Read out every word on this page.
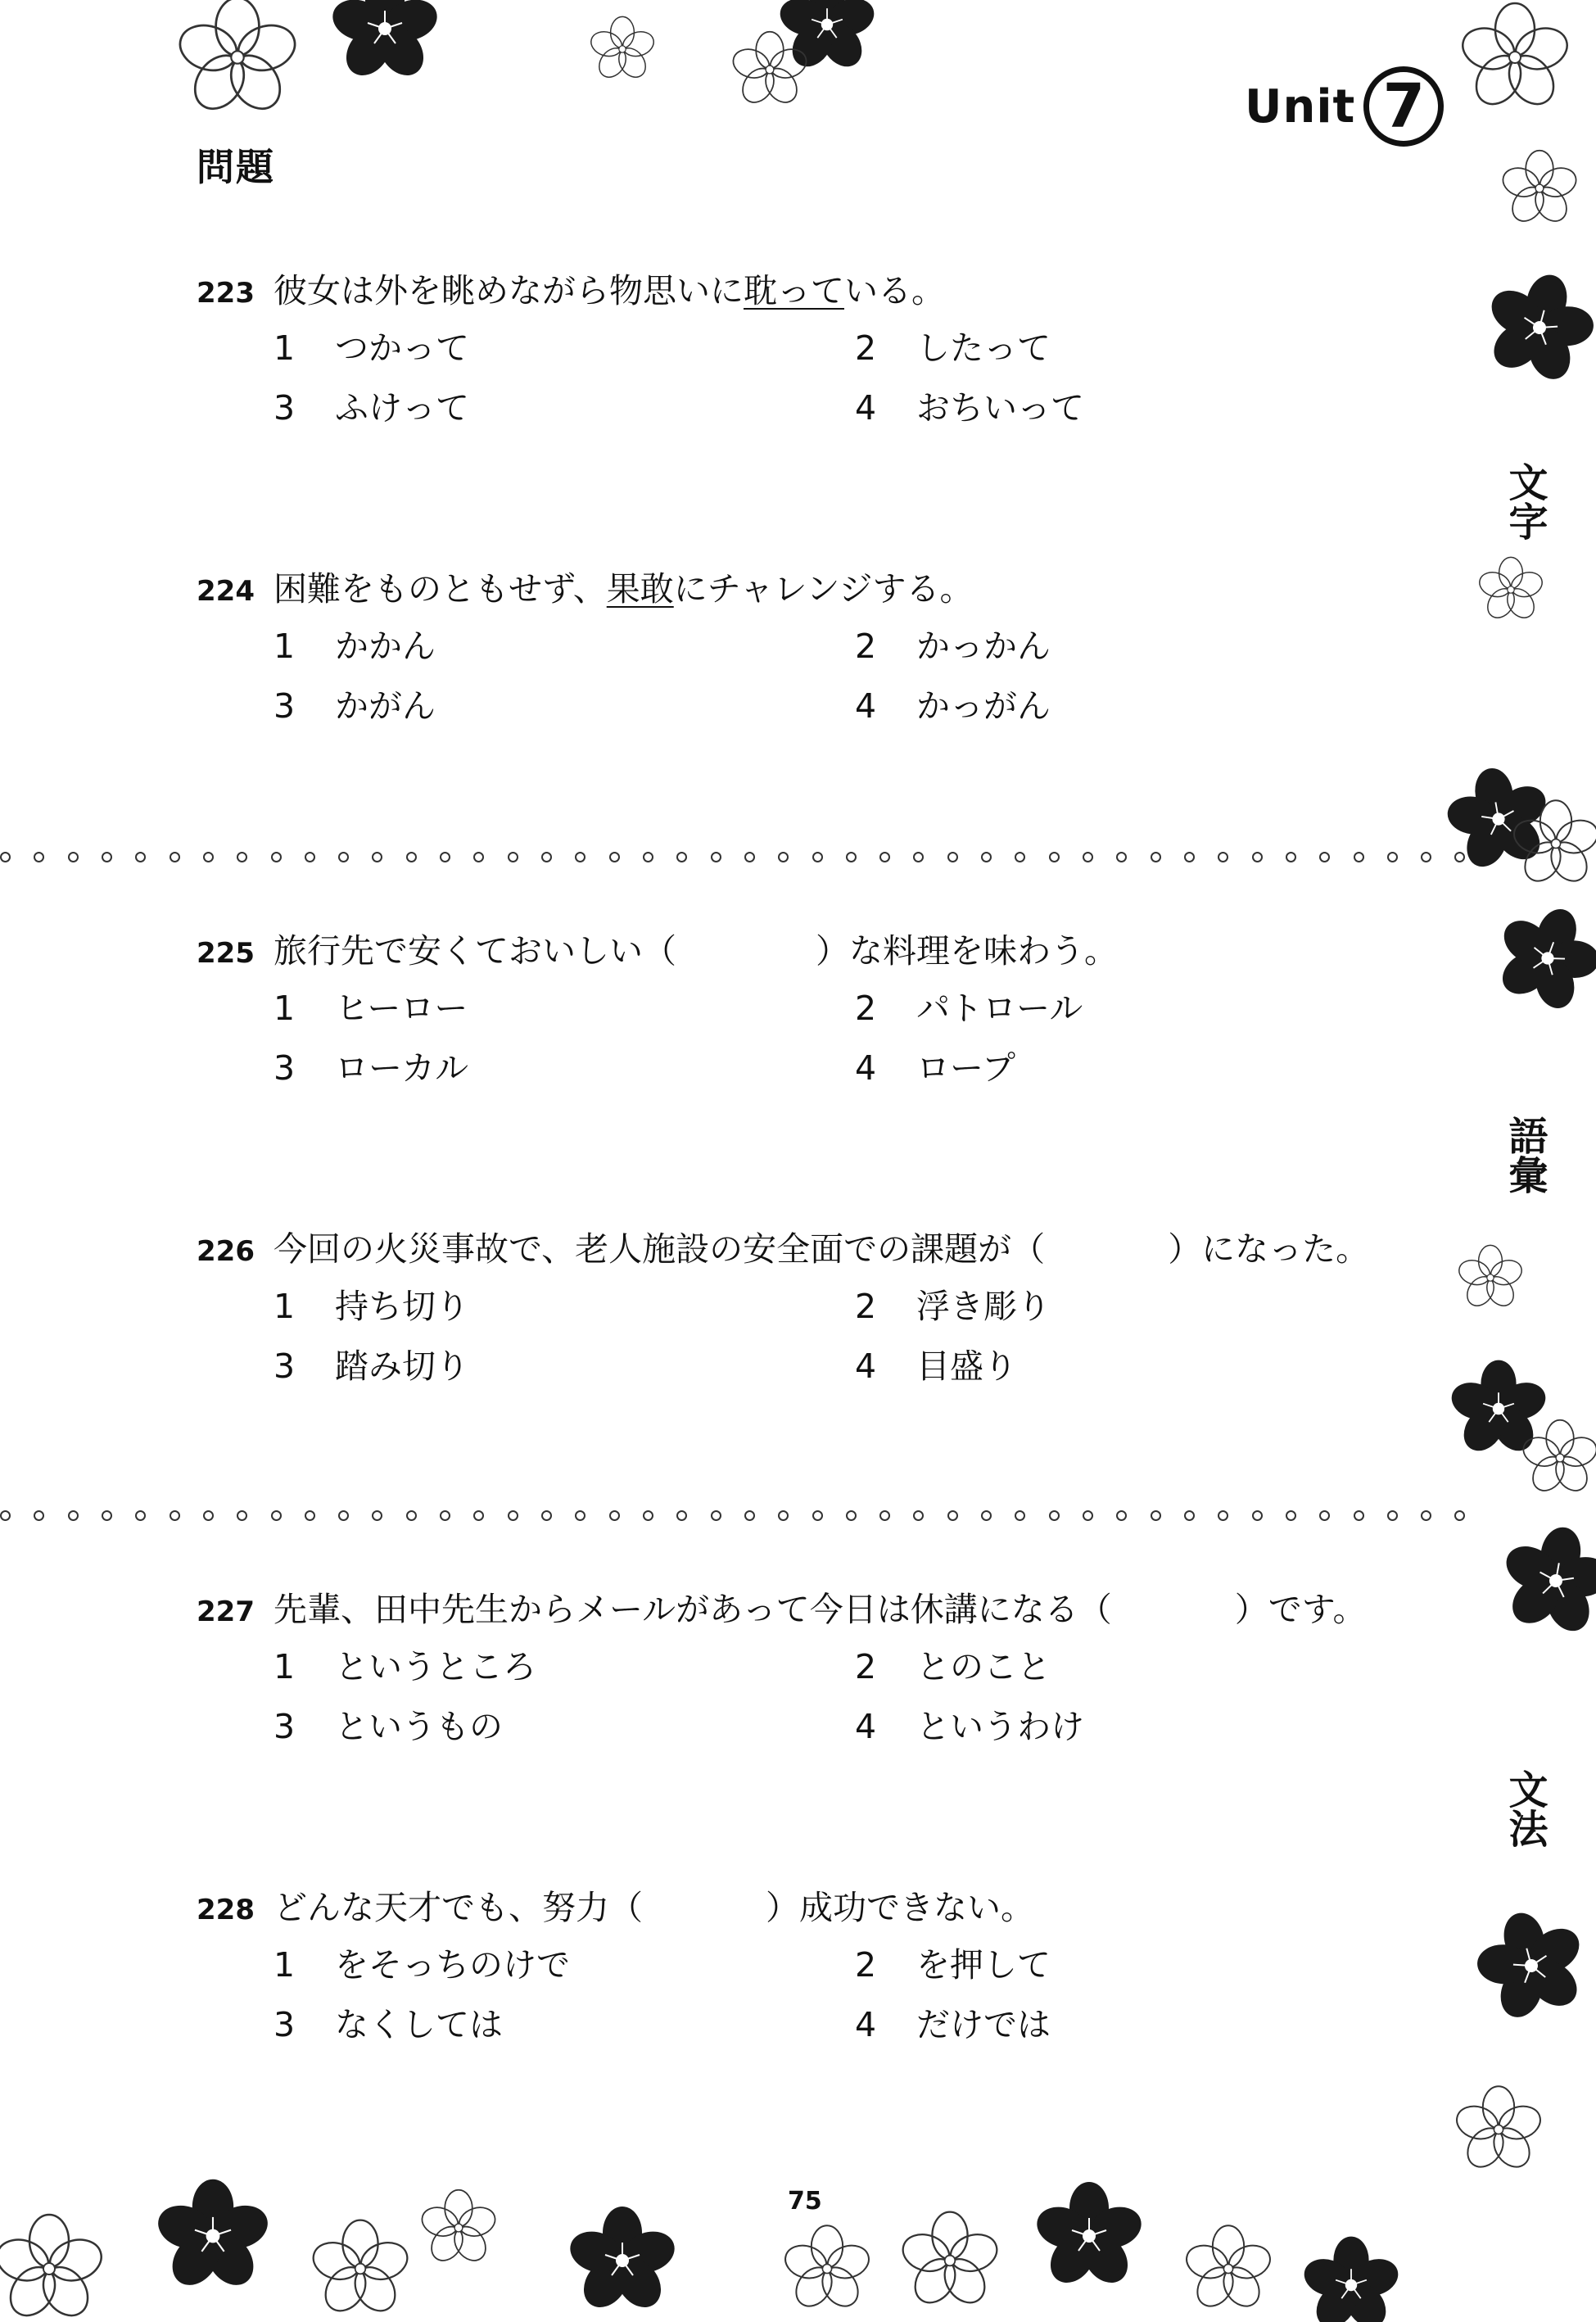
Unit 7
問題
文字
語彙
文法
223 彼女は外を眺めながら物思いに 耽って いる。
1	つかって	2	したって
3	ふけって	4	おちいって
224 困難をものともせず、 果敢 にチャレンジする。
1	かかん	2	かっかん
3	かがん	4	かっがん
225 旅行先で安くておいしい（	）な料理を味わう。
1	ヒーロー	2	パトロール
3	ローカル	4	ロープ
226 今回の火災事故で、老人施設の安全面での課題が（	）になった。
1	持ち切り	2	浮き彫り
3	踏み切り	4	目盛り
227 先輩、田中先生からメールがあって今日は休講になる（	）です。
1	というところ	2	とのこと
3	というもの	4	というわけ
228 どんな天才でも、努力（	）成功できない。
1	をそっちのけで	2	を押して
3	なくしては	4	だけでは
75
